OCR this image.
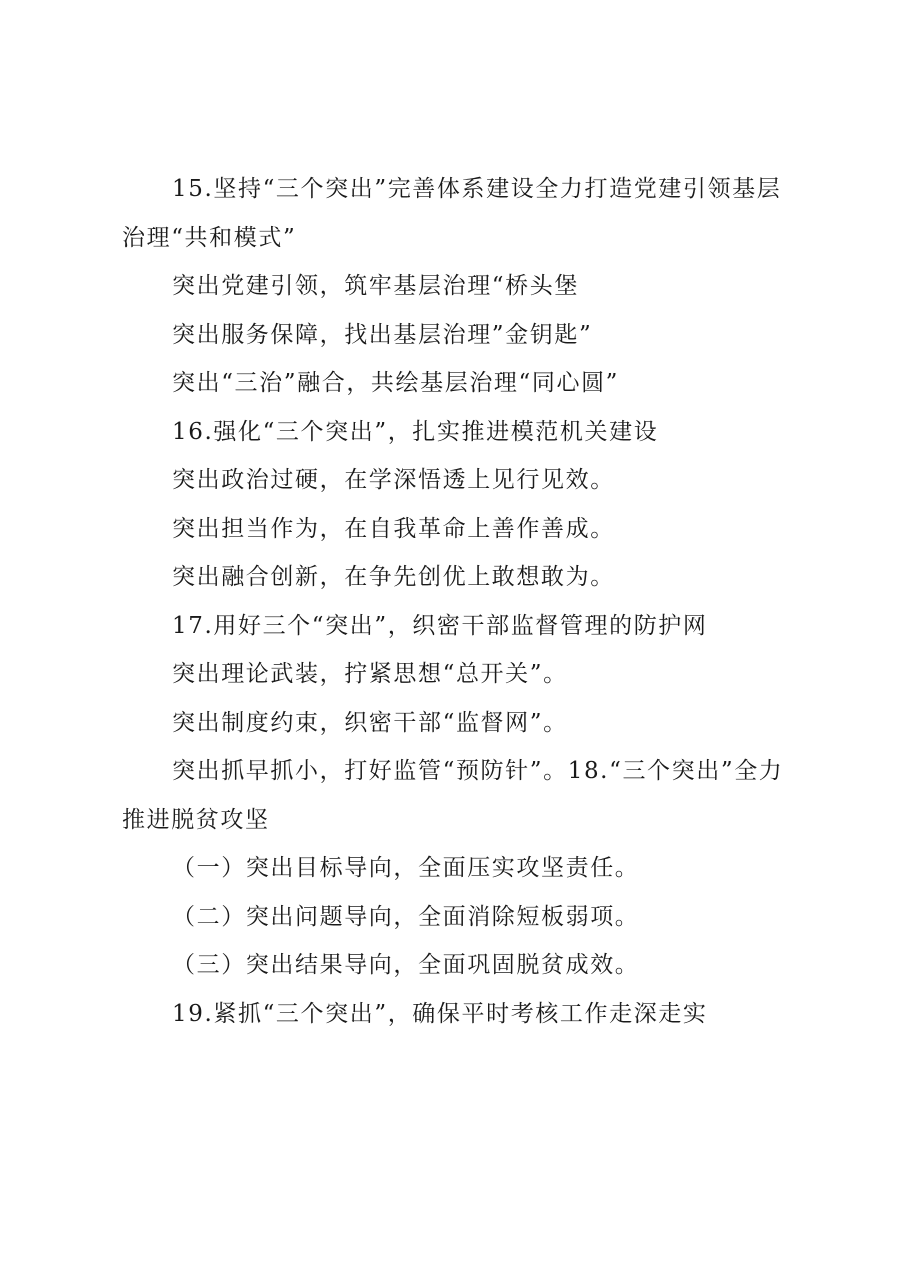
15.坚持“三个突出”完善体系建设全力打造党建引领基层治理“共和模式”

突出党建引领，筑牢基层治理“桥头堡

突出服务保障，找出基层治理”金钥匙”

突出“三治”融合，共绘基层治理“同心圆”

16.强化“三个突出”，扎实推进模范机关建设

突出政治过硬，在学深悟透上见行见效。

突出担当作为，在自我革命上善作善成。

突出融合创新，在争先创优上敢想敢为。

17.用好三个“突出”，织密干部监督管理的防护网

突出理论武装，拧紧思想“总开关”。

突出制度约束，织密干部“监督网”。

突出抓早抓小，打好监管“预防针”。18.“三个突出”全力推进脱贫攻坚

（一）突出目标导向，全面压实攻坚责任。

（二）突出问题导向，全面消除短板弱项。

（三）突出结果导向，全面巩固脱贫成效。

19.紧抓“三个突出”，确保平时考核工作走深走实
